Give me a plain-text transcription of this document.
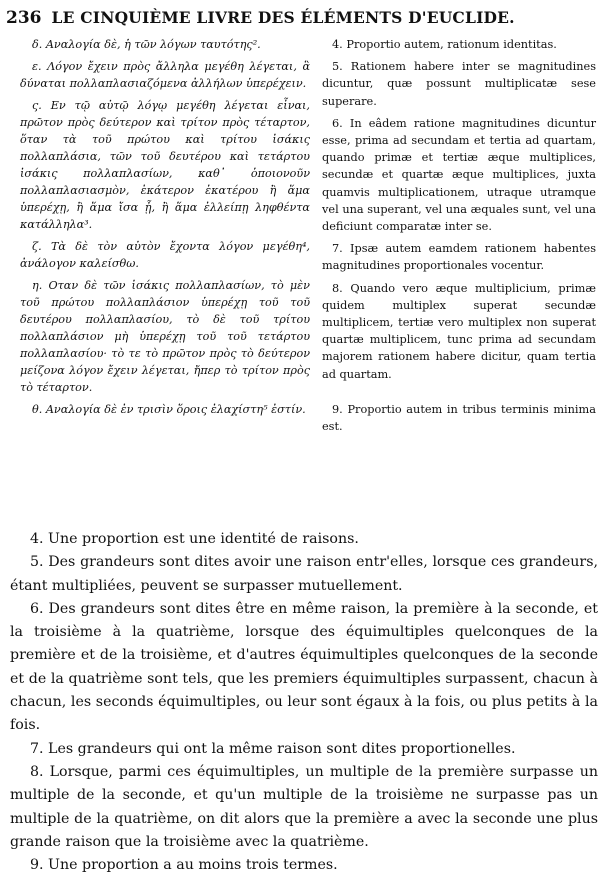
236 LE CINQUIÈME LIVRE DES ÉLÉMENTS D'EUCLIDE.

δ. Αναλογία δὲ, ἡ τῶν λόγων ταυτότης².

ε. Λόγον ἔχειν πρὸς ἄλληλα μεγέθη λέγεται, ἃ δύναται πολλαπλασιαζόμενα ἀλλήλων ὑπερέχειν.

ς. Εν τῷ αὐτῷ λόγῳ μεγέθη λέγεται εἶναι, πρῶτον πρὸς δεύτερον καὶ τρίτον πρὸς τέταρτον, ὅταν τὰ τοῦ πρώτου καὶ τρίτου ἰσάκις πολλαπλάσια, τῶν τοῦ δευτέρου καὶ τετάρτου ἰσάκις πολλαπλασίων, καθ᾽ ὁποιονοῦν πολλαπλασιασμὸν, ἑκάτερον ἑκατέρου ἢ ἅμα ὑπερέχῃ, ἢ ἅμα ἴσα ᾖ, ἢ ἅμα ἐλλείπῃ ληφθέντα κατάλληλα³.

ζ. Τὰ δὲ τὸν αὐτὸν ἔχοντα λόγον μεγέθη⁴, ἀνάλογον καλείσθω.

η. Οταν δὲ τῶν ἰσάκις πολλαπλασίων, τὸ μὲν τοῦ πρώτου πολλαπλάσιον ὑπερέχῃ τοῦ τοῦ δευτέρου πολλαπλασίου, τὸ δὲ τοῦ τρίτου πολλαπλάσιον μὴ ὑπερέχῃ τοῦ τοῦ τετάρτου πολλαπλασίου· τὸ τε τὸ πρῶτον πρὸς τὸ δεύτερον μείζονα λόγον ἔχειν λέγεται, ἤπερ τὸ τρίτον πρὸς τὸ τέταρτον.

θ. Αναλογία δὲ ἐν τρισὶν ὅροις ἐλαχίστη⁵ ἐστίν.

4. Proportio autem, rationum identitas.

5. Rationem habere inter se magnitudines dicuntur, quæ possunt multiplicatæ sese superare.

6. In eâdem ratione magnitudines dicuntur esse, prima ad secundam et tertia ad quartam, quando primæ et tertiæ æque multiplices, secundæ et quartæ æque multiplices, juxta quamvis multiplicationem, utraque utramque vel una superant, vel una æquales sunt, vel una deficiunt comparatæ inter se.

7. Ipsæ autem eamdem rationem habentes magnitudines proportionales vocentur.

8. Quando vero æque multiplicium, primæ quidem multiplex superat secundæ multiplicem, tertiæ vero multiplex non superat quartæ multiplicem, tunc prima ad secundam majorem rationem habere dicitur, quam tertia ad quartam.

9. Proportio autem in tribus terminis minima est.

4. Une proportion est une identité de raisons.

5. Des grandeurs sont dites avoir une raison entr'elles, lorsque ces grandeurs, étant multipliées, peuvent se surpasser mutuellement.

6. Des grandeurs sont dites être en même raison, la première à la seconde, et la troisième à la quatrième, lorsque des équimultiples quelconques de la première et de la troisième, et d'autres équimultiples quelconques de la seconde et de la quatrième sont tels, que les premiers équimultiples surpassent, chacun à chacun, les seconds équimultiples, ou leur sont égaux à la fois, ou plus petits à la fois.

7. Les grandeurs qui ont la même raison sont dites proportionelles.

8. Lorsque, parmi ces équimultiples, un multiple de la première surpasse un multiple de la seconde, et qu'un multiple de la troisième ne surpasse pas un multiple de la quatrième, on dit alors que la première a avec la seconde une plus grande raison que la troisième avec la quatrième.

9. Une proportion a au moins trois termes.
